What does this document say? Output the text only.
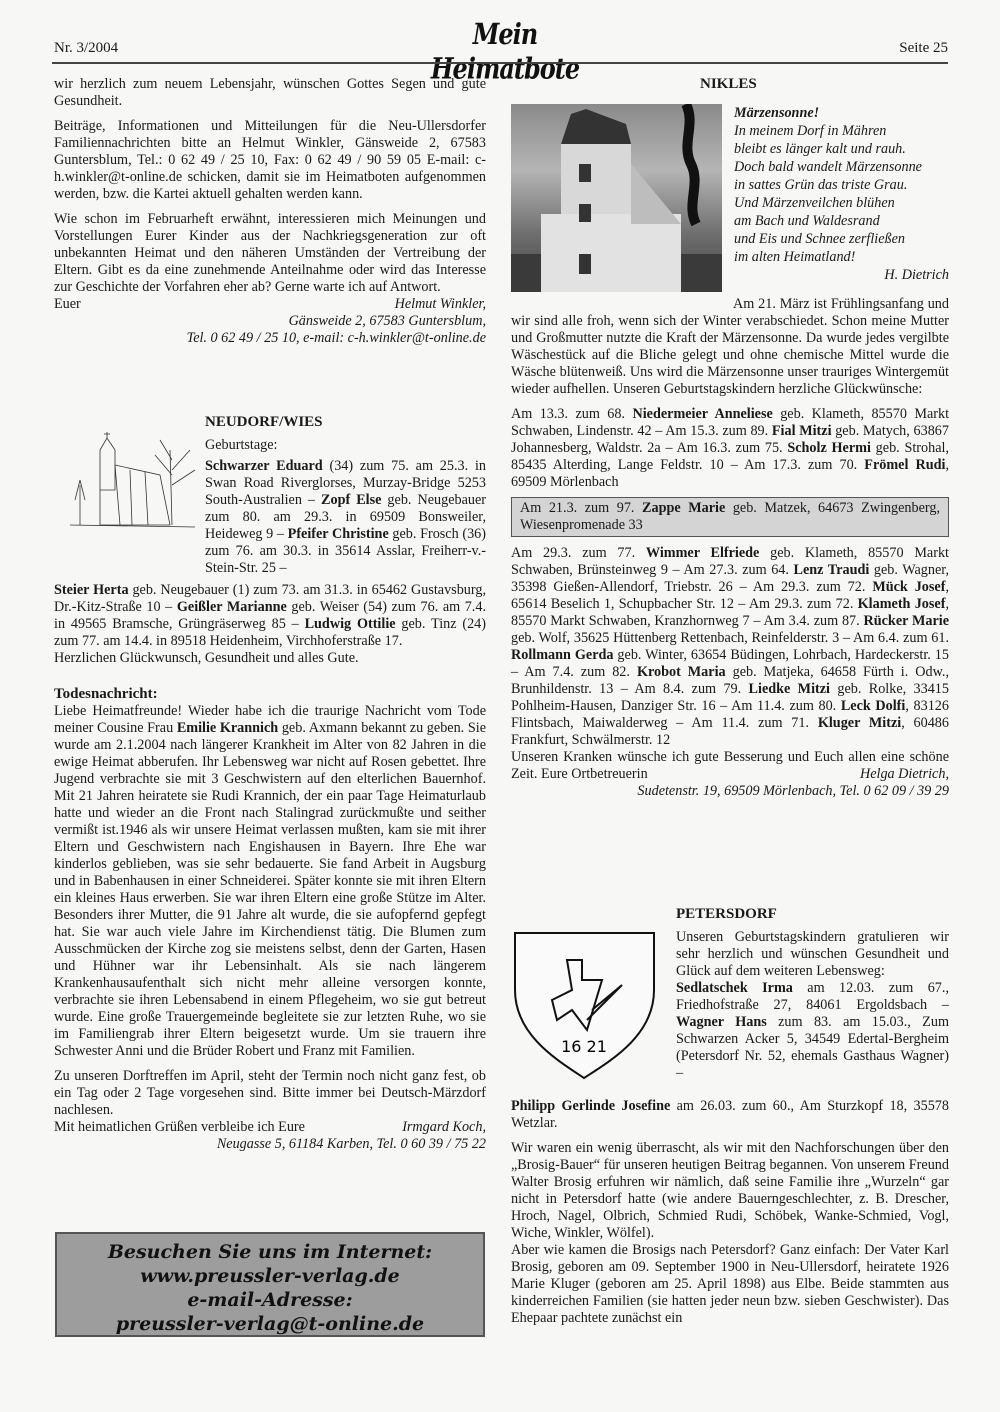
Nr. 3/2004	Mein Heimatbote
Seite 25

wir herzlich zum neuem Lebensjahr, wünschen Gottes Segen und gute Gesundheit.

Beiträge, Informationen und Mitteilungen für die Neu-Ullersdorfer Familiennachrichten bitte an Helmut Winkler, Gänsweide 2, 67583 Guntersblum, Tel.: 0 62 49 / 25 10, Fax: 0 62 49 / 90 59 05 E-mail: c-h.winkler@t-online.de schicken, damit sie im Heimatboten aufgenommen werden, bzw. die Kartei aktuell gehalten werden kann.

Wie schon im Februarheft erwähnt, interessieren mich Meinungen und Vorstellungen Eurer Kinder aus der Nachkriegsgeneration zur oft unbekannten Heimat und den näheren Umständen der Vertreibung der Eltern. Gibt es da eine zunehmende Anteilnahme oder wird das Interesse zur Geschichte der Vorfahren eher ab? Gerne warte ich auf Antwort.

Euer	Helmut Winkler,
Gänsweide 2, 67583 Guntersblum,
Tel. 0 62 49 / 25 10, e-mail: c-h.winkler@t-online.de
NEUDORF/WIES
Geburtstage:
Schwarzer Eduard (34) zum 75. am 25.3. in Swan Road Riverglorses, Murzay-Bridge 5253 South-Australien – Zopf Else geb. Neugebauer zum 80. am 29.3. in 69509 Bonsweiler, Heideweg 9 – Pfeifer Christine geb. Frosch (36) zum 76. am 30.3. in 35614 Asslar, Freiherr-v.-Stein-Str. 25 –
Steier Herta geb. Neugebauer (1) zum 73. am 31.3. in 65462 Gustavsburg, Dr.-Kitz-Straße 10 – Geißler Marianne geb. Weiser (54) zum 76. am 7.4. in 49565 Bramsche, Grüngräserweg 85 – Ludwig Ottilie geb. Tinz (24) zum 77. am 14.4. in 89518 Heidenheim, Virchhoferstraße 17.
Herzlichen Glückwunsch, Gesundheit und alles Gute.
Todesnachricht:

Liebe Heimatfreunde! Wieder habe ich die traurige Nachricht vom Tode meiner Cousine Frau Emilie Krannich geb. Axmann bekannt zu geben. Sie wurde am 2.1.2004 nach längerer Krankheit im Alter von 82 Jahren in die ewige Heimat abberufen. Ihr Lebensweg war nicht auf Rosen gebettet. Ihre Jugend verbrachte sie mit 3 Geschwistern auf den elterlichen Bauernhof. Mit 21 Jahren heiratete sie Rudi Krannich, der ein paar Tage Heimaturlaub hatte und wieder an die Front nach Stalingrad zurückmußte und seither vermißt ist.1946 als wir unsere Heimat verlassen mußten, kam sie mit ihrer Eltern und Geschwistern nach Engishausen in Bayern. Ihre Ehe war kinderlos geblieben, was sie sehr bedauerte. Sie fand Arbeit in Augsburg und in Babenhausen in einer Schneiderei. Später konnte sie mit ihren Eltern ein kleines Haus erwerben. Sie war ihren Eltern eine große Stütze im Alter. Besonders ihrer Mutter, die 91 Jahre alt wurde, die sie aufopfernd gepfegt hat. Sie war auch viele Jahre im Kirchendienst tätig. Die Blumen zum Ausschmücken der Kirche zog sie meistens selbst, denn der Garten, Hasen und Hühner war ihr Lebensinhalt. Als sie nach längerem Krankenhausaufenthalt sich nicht mehr alleine versorgen konnte, verbrachte sie ihren Lebensabend in einem Pflegeheim, wo sie gut betreut wurde. Eine große Trauergemeinde begleitete sie zur letzten Ruhe, wo sie im Familiengrab ihrer Eltern beigesetzt wurde. Um sie trauern ihre Schwester Anni und die Brüder Robert und Franz mit Familien.

Zu unseren Dorftreffen im April, steht der Termin noch nicht ganz fest, ob ein Tag oder 2 Tage vorgesehen sind. Bitte immer bei Deutsch-Märzdorf nachlesen.

Mit heimatlichen Grüßen verbleibe ich Eure	Irmgard Koch,
Neugasse 5, 61184 Karben, Tel. 0 60 39 / 75 22
Besuchen Sie uns im Internet:
www.preussler-verlag.de
e-mail-Adresse:
preussler-verlag@t-online.de
NIKLES
Märzensonne!
In meinem Dorf in Mähren
bleibt es länger kalt und rauh.
Doch bald wandelt Märzensonne
in sattes Grün das triste Grau.
Und Märzenveilchen blühen
am Bach und Waldesrand
und Eis und Schnee zerfließen
im alten Heimatland!
H. Dietrich

Am 21. März ist Frühlingsanfang und wir sind alle froh, wenn sich der Winter verabschiedet. Schon meine Mutter und Großmutter nutzte die Kraft der Märzensonne. Da wurde jedes vergilbte Wäschestück auf die Bliche gelegt und ohne chemische Mittel wurde die Wäsche blütenweiß. Uns wird die Märzensonne unser trauriges Wintergemüt wieder aufhellen. Unseren Geburtstagskindern herzliche Glückwünsche:

Am 13.3. zum 68. Niedermeier Anneliese geb. Klameth, 85570 Markt Schwaben, Lindenstr. 42 – Am 15.3. zum 89. Fial Mitzi geb. Matych, 63867 Johannesberg, Waldstr. 2a – Am 16.3. zum 75. Scholz Hermi geb. Strohal, 85435 Alterding, Lange Feldstr. 10 – Am 17.3. zum 70. Frömel Rudi, 69509 Mörlenbach

Am 21.3. zum 97. Zappe Marie geb. Matzek, 64673 Zwingenberg, Wiesenpromenade 33

Am 29.3. zum 77. Wimmer Elfriede geb. Klameth, 85570 Markt Schwaben, Brünsteinweg 9 – Am 27.3. zum 64. Lenz Traudi geb. Wagner, 35398 Gießen-Allendorf, Triebstr. 26 – Am 29.3. zum 72. Mück Josef, 65614 Beselich 1, Schupbacher Str. 12 – Am 29.3. zum 72. Klameth Josef, 85570 Markt Schwaben, Kranzhornweg 7 – Am 3.4. zum 87. Rücker Marie geb. Wolf, 35625 Hüttenberg Rettenbach, Reinfelderstr. 3 – Am 6.4. zum 61. Rollmann Gerda geb. Winter, 63654 Büdingen, Lohrbach, Hardeckerstr. 15 – Am 7.4. zum 82. Krobot Maria geb. Matjeka, 64658 Fürth i. Odw., Brunhildenstr. 13 – Am 8.4. zum 79. Liedke Mitzi geb. Rolke, 33415 Pohlheim-Hausen, Danziger Str. 16 – Am 11.4. zum 80. Leck Dolfi, 83126 Flintsbach, Maiwalderweg – Am 11.4. zum 71. Kluger Mitzi, 60486 Frankfurt, Schwälmerstr. 12

Unseren Kranken wünsche ich gute Besserung und Euch allen eine schöne Zeit. Eure Ortbetreuerin	Helga Dietrich,
Sudetenstr. 19, 69509 Mörlenbach, Tel. 0 62 09 / 39 29
16 21
PETERSDORF
Unseren Geburtstagskindern gratulieren wir sehr herzlich und wünschen Gesundheit und Glück auf dem weiteren Lebensweg:
Sedlatschek Irma am 12.03. zum 67., Friedhofstraße 27, 84061 Ergoldsbach – Wagner Hans zum 83. am 15.03., Zum Schwarzen Acker 5, 34549 Edertal-Bergheim (Petersdorf Nr. 52, ehemals Gasthaus Wagner) –

Philipp Gerlinde Josefine am 26.03. zum 60., Am Sturzkopf 18, 35578 Wetzlar.

Wir waren ein wenig überrascht, als wir mit den Nachforschungen über den „Brosig-Bauer“ für unseren heutigen Beitrag begannen. Von unserem Freund Walter Brosig erfuhren wir nämlich, daß seine Familie ihre „Wurzeln“ gar nicht in Petersdorf hatte (wie andere Bauerngeschlechter, z. B. Drescher, Hroch, Nagel, Olbrich, Schmied Rudi, Schöbek, Wanke-Schmied, Vogl, Wiche, Winkler, Wölfel).

Aber wie kamen die Brosigs nach Petersdorf? Ganz einfach: Der Vater Karl Brosig, geboren am 09. September 1900 in Neu-Ullersdorf, heiratete 1926 Marie Kluger (geboren am 25. April 1898) aus Elbe. Beide stammten aus kinderreichen Familien (sie hatten jeder neun bzw. sieben Geschwister). Das Ehepaar pachtete zunächst ein
